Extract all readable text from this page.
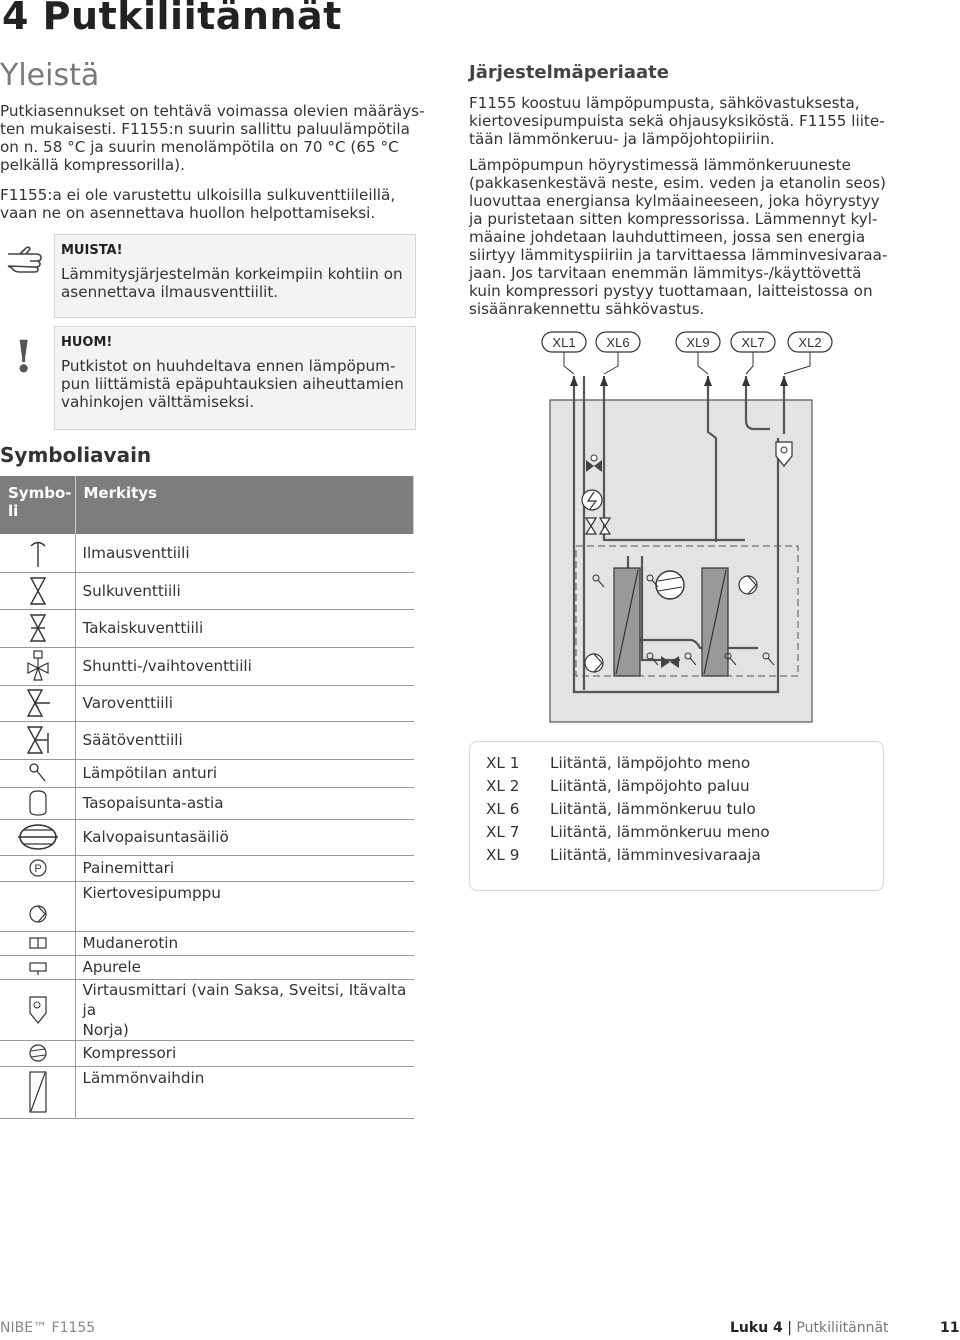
4 Putkiliitännät
Yleistä
Putkiasennukset on tehtävä voimassa olevien määräys-
ten mukaisesti. F1155:n suurin sallittu paluulämpötila
on n. 58 °C ja suurin menolämpötila on 70 °C (65 °C
pelkällä kompressorilla).
F1155:a ei ole varustettu ulkoisilla sulkuventtiileillä,
vaan ne on asennettava huollon helpottamiseksi.
MUISTA!
Lämmitysjärjestelmän korkeimpiin kohtiin on
asennettava ilmausventtiilit.
! HUOM!
Putkistot on huuhdeltava ennen lämpöpum-
pun liittämistä epäpuhtauksien aiheuttamien
vahinkojen välttämiseksi.
Symboliavain
Symbo-
li	Merkitys

	Ilmausventtiili

	Sulkuventtiili

	Takaiskuventtiili

	Shuntti-/vaihtoventtiili

	Varoventtiili

	Säätöventtiili

	Lämpötilan anturi

	Tasopaisunta-astia

	Kalvopaisuntasäiliö

P	Painemittari

	Kiertovesipumppu

	Mudanerotin

	Apurele

	Virtausmittari (vain Saksa, Sveitsi, Itävalta ja
Norja)

	Kompressori

	Lämmönvaihdin
Järjestelmäperiaate
F1155 koostuu lämpöpumpusta, sähkövastuksesta,
kiertovesipumpuista sekä ohjausyksiköstä. F1155 liite-
tään lämmönkeruu- ja lämpöjohtopiiriin.
Lämpöpumpun höyrystimessä lämmönkeruuneste
(pakkasenkestävä neste, esim. veden ja etanolin seos)
luovuttaa energiansa kylmäaineeseen, joka höyrystyy
ja puristetaan sitten kompressorissa. Lämmennyt kyl-
mäaine johdetaan lauhduttimeen, jossa sen energia
siirtyy lämmityspiiriin ja tarvittaessa lämminvesivaraa-
jaan. Jos tarvitaan enemmän lämmitys-/käyttövettä
kuin kompressori pystyy tuottamaan, laitteistossa on
sisäänrakennettu sähkövastus.
XL1 XL6	XL9 XL7	XL2
XL 1 Liitäntä, lämpöjohto meno
XL 2 Liitäntä, lämpöjohto paluu
XL 6 Liitäntä, lämmönkeruu tulo
XL 7 Liitäntä, lämmönkeruu meno
XL 9 Liitäntä, lämminvesivaraaja
NIBE™ F1155	Luku 4 | Putkiliitännät	11
